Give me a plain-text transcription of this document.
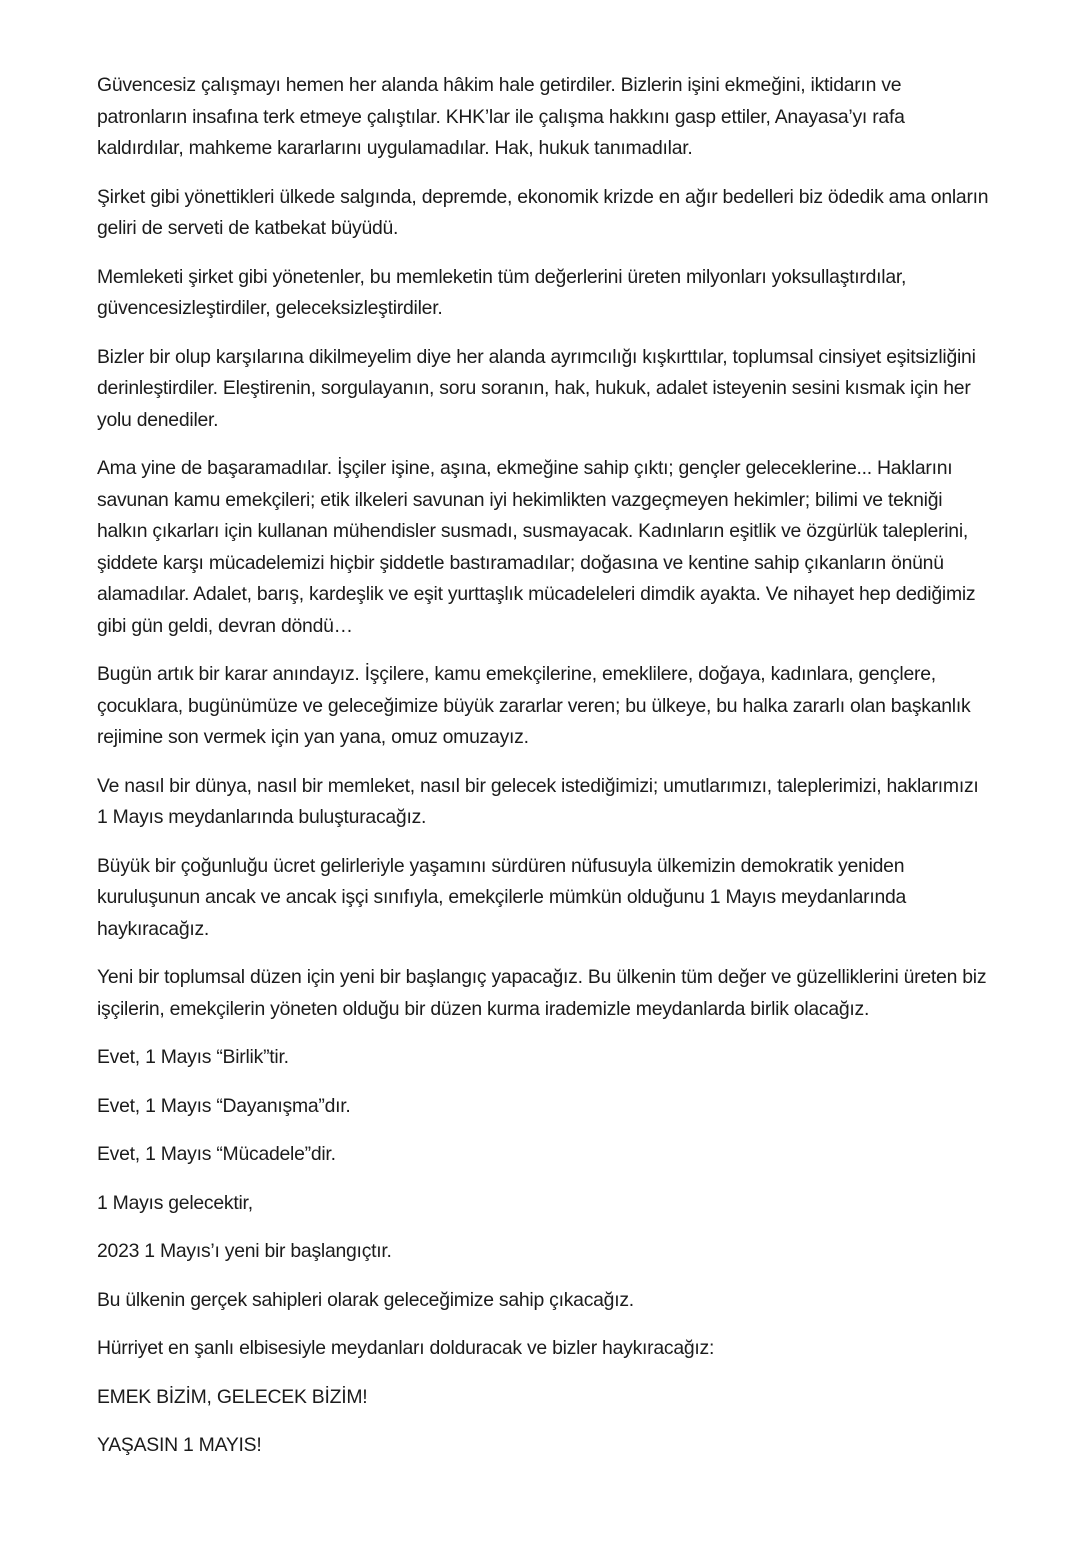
Güvencesiz çalışmayı hemen her alanda hâkim hale getirdiler. Bizlerin işini ekmeğini, iktidarın ve patronların insafına terk etmeye çalıştılar. KHK’lar ile çalışma hakkını gasp ettiler, Anayasa’yı rafa kaldırdılar, mahkeme kararlarını uygulamadılar. Hak, hukuk tanımadılar.

Şirket gibi yönettikleri ülkede salgında, depremde, ekonomik krizde en ağır bedelleri biz ödedik ama onların geliri de serveti de katbekat büyüdü.

Memleketi şirket gibi yönetenler, bu memleketin tüm değerlerini üreten milyonları yoksullaştırdılar, güvencesizleştirdiler, geleceksizleştirdiler.

Bizler bir olup karşılarına dikilmeyelim diye her alanda ayrımcılığı kışkırttılar, toplumsal cinsiyet eşitsizliğini derinleştirdiler. Eleştirenin, sorgulayanın, soru soranın, hak, hukuk, adalet isteyenin sesini kısmak için her yolu denediler.

Ama yine de başaramadılar. İşçiler işine, aşına, ekmeğine sahip çıktı; gençler geleceklerine... Haklarını savunan kamu emekçileri; etik ilkeleri savunan iyi hekimlikten vazgeçmeyen hekimler; bilimi ve tekniği halkın çıkarları için kullanan mühendisler susmadı, susmayacak. Kadınların eşitlik ve özgürlük taleplerini, şiddete karşı mücadelemizi hiçbir şiddetle bastıramadılar; doğasına ve kentine sahip çıkanların önünü alamadılar. Adalet, barış, kardeşlik ve eşit yurttaşlık mücadeleleri dimdik ayakta. Ve nihayet hep dediğimiz gibi gün geldi, devran döndü…

Bugün artık bir karar anındayız. İşçilere, kamu emekçilerine, emeklilere, doğaya, kadınlara, gençlere, çocuklara, bugünümüze ve geleceğimize büyük zararlar veren; bu ülkeye, bu halka zararlı olan başkanlık rejimine son vermek için yan yana, omuz omuzayız.

Ve nasıl bir dünya, nasıl bir memleket, nasıl bir gelecek istediğimizi; umutlarımızı, taleplerimizi, haklarımızı 1 Mayıs meydanlarında buluşturacağız.

Büyük bir çoğunluğu ücret gelirleriyle yaşamını sürdüren nüfusuyla ülkemizin demokratik yeniden kuruluşunun ancak ve ancak işçi sınıfıyla, emekçilerle mümkün olduğunu 1 Mayıs meydanlarında haykıracağız.

Yeni bir toplumsal düzen için yeni bir başlangıç yapacağız. Bu ülkenin tüm değer ve güzelliklerini üreten biz işçilerin, emekçilerin yöneten olduğu bir düzen kurma irademizle meydanlarda birlik olacağız.

Evet, 1 Mayıs “Birlik”tir.

Evet, 1 Mayıs “Dayanışma”dır.

Evet, 1 Mayıs “Mücadele”dir.

1 Mayıs gelecektir,

2023 1 Mayıs’ı yeni bir başlangıçtır.

Bu ülkenin gerçek sahipleri olarak geleceğimize sahip çıkacağız.

Hürriyet en şanlı elbisesiyle meydanları dolduracak ve bizler haykıracağız:

EMEK BİZİM, GELECEK BİZİM!

YAŞASIN 1 MAYIS!
